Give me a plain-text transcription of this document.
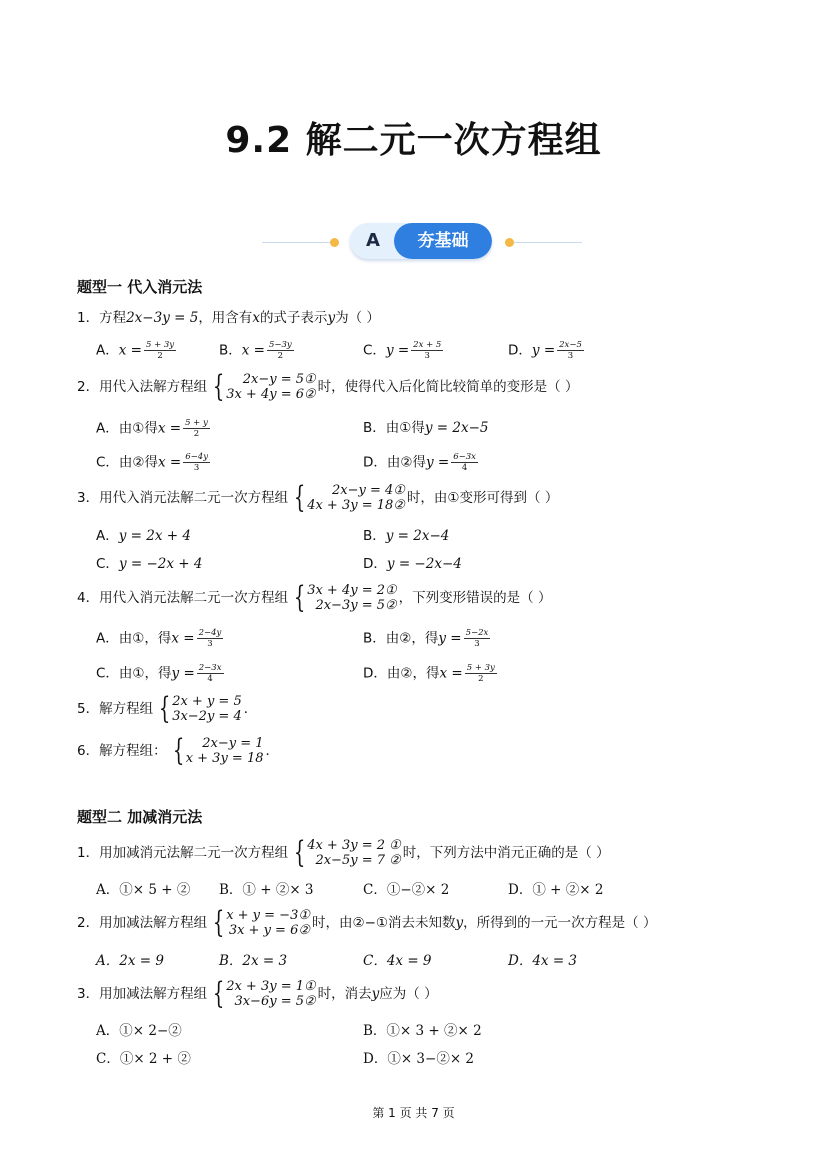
9.2 解二元一次方程组
A	夯基础
题型一 代入消元法
1．方程2x−3y = 5，用含有x的式子表示y为（ ）
A．$x = \frac{5 + 3y}{2}$	B．$x = \frac{5-3y}{2}$	C．$y = \frac{2x + 5}{3}$	D．$y = \frac{2x-5}{3}$
2．用代入法解方程组 {	2x−y = 5①
3x + 4y = 6② 时，使得代入后化简比较简单的变形是（ ）
A．由①得$x = \frac{5 + y}{2}$	B．由①得y = 2x−5
C．由②得$x = \frac{6-4y}{3}$	D．由②得$y = \frac{6-3x}{4}$
3．用代入消元法解二元一次方程组 {	2x−y = 4①
4x + 3y = 18② 时，由①变形可得到（ ）
A．y = 2x + 4	B．y = 2x−4
C．y = −2x + 4	D．y = −2x−4
4．用代入消元法解二元一次方程组 { 3x + 4y = 2①
2x−3y = 5② ，下列变形错误的是（ ）
A．由①，得$x = \frac{2-4y}{3}$	B．由②，得$y = \frac{5-2x}{3}$
C．由①，得$y = \frac{2-3x}{4}$	D．由②，得$x = \frac{5 + 3y}{2}$
5．解方程组 { 2x + y = 5
3x−2y = 4 ．
6．解方程组： {	2x−y = 1
x + 3y = 18 ．
题型二 加减消元法
1．用加减消元法解二元一次方程组 { 4x + 3y = 2 ①
2x−5y = 7 ② 时，下列方法中消元正确的是（ ）
A．①× 5 + ② B．① + ②× 3	C．①−②× 2	D．① + ②× 2
2．用加减法解方程组 { x + y = −3①
3x + y = 6② 时，由②−①消去未知数y，所得到的一元一次方程是（ ）
A．2x = 9	B．2x = 3	C．4x = 9	D．4x = 3
3．用加减法解方程组 { 2x + 3y = 1①
3x−6y = 5② 时，消去y应为（ ）
A．①× 2−②	B．①× 3 + ②× 2
C．①× 2 + ②	D．①× 3−②× 2
第 1 页 共 7 页
